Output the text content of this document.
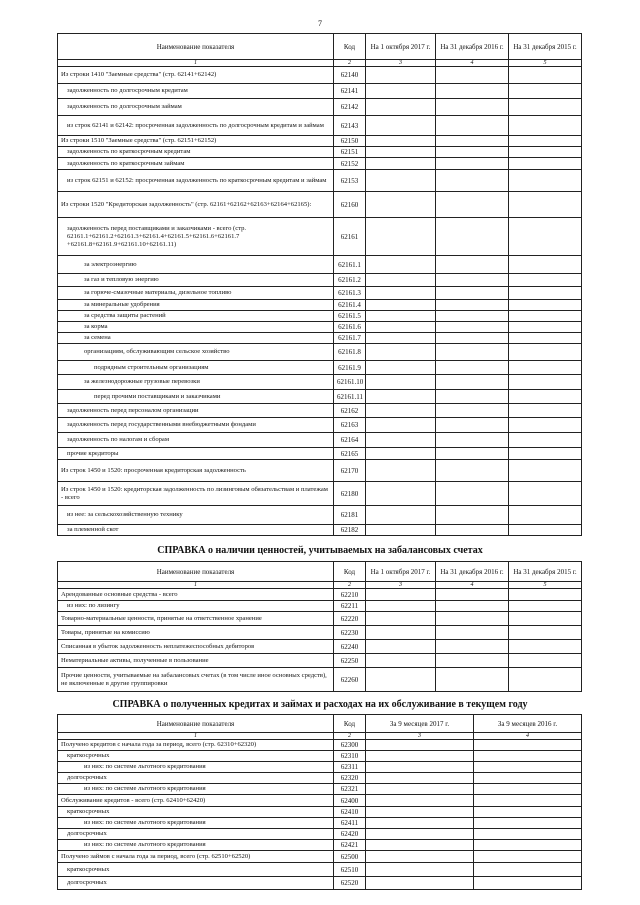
7
Наименование показателя	Код	На 1 октября 2017 г.	На 31 декабря 2016 г.	На 31 декабря 2015 г.
1	2	3	4	5
Из строки 1410 "Заемные средства" (стр. 62141+62142)	62140			
задолженность по долгосрочным кредитам	62141			
задолженность по долгосрочным займам	62142			
из строк 62141 и 62142: просроченная задолженность по долгосрочным кредитам и займам	62143			
Из строки 1510 "Заемные средства" (стр. 62151+62152)	62150			
задолженность по краткосрочным кредитам	62151			
задолженность по краткосрочным займам	62152			
из строк 62151 и 62152: просроченная задолженность по краткосрочным кредитам и займам	62153			
Из строки 1520 "Кредиторская задолженность" (стр. 62161+62162+62163+62164+62165):	62160			
задолженность перед поставщиками и заказчиками - всего (стр. 62161.1+62161.2+62161.3+62161.4+62161.5+62161.6+62161.7 +62161.8+62161.9+62161.10+62161.11)	62161			
за электроэнергию	62161.1			
за газ и тепловую энергию	62161.2			
за горюче-смазочные материалы, дизельное топливо	62161.3			
за минеральные удобрения	62161.4			
за средства защиты растений	62161.5			
за корма	62161.6			
за семена	62161.7			
организациям, обслуживающим сельское хозяйство	62161.8			
подрядным строительным организациям	62161.9			
за железнодорожные грузовые перевозки	62161.10			
перед прочими поставщиками и заказчиками	62161.11			
задолженность перед персоналом организации	62162			
задолженность перед государственными внебюджетными фондами	62163			
задолженность по налогам и сборам	62164			
прочие кредиторы	62165			
Из строк 1450 и 1520: просроченная кредиторская задолженность	62170			
Из строк 1450 и 1520: кредиторская задолженность по лизинговым обязательствам и платежам - всего	62180			
из нее: за сельскохозяйственную технику	62181			
за племенной скот	62182			
СПРАВКА о наличии ценностей, учитываемых на забалансовых счетах
Наименование показателя	Код	На 1 октября 2017 г.	На 31 декабря 2016 г.	На 31 декабря 2015 г.
1	2	3	4	5
Арендованные основные средства - всего	62210			
из них: по лизингу	62211			
Товарно-материальные ценности, принятые на ответственное хранение	62220			
Товары, принятые на комиссию	62230			
Списанная в убыток задолженность неплатежеспособных дебиторов	62240			
Нематериальные активы, полученные в пользование	62250			
Прочие ценности, учитываемые на забалансовых счетах (в том числе иное основных средств), не включенные в другие группировки	62260			
СПРАВКА о полученных кредитах и займах и расходах на их обслуживание в текущем году
Наименование показателя	Код	За 9 месяцев 2017 г.	За 9 месяцев 2016 г.
1	2	3	4
Получено кредитов с начала года за период, всего (стр. 62310+62320)	62300		
краткосрочных	62310		
из них: по системе льготного кредитования	62311		
долгосрочных	62320		
из них: по системе льготного кредитования	62321		
Обслуживание кредитов - всего (стр. 62410+62420)	62400		
краткосрочных	62410		
из них: по системе льготного кредитования	62411		
долгосрочных	62420		
из них: по системе льготного кредитования	62421		
Получено займов с начала года за период, всего (стр. 62510+62520)	62500		
краткосрочных	62510		
долгосрочных	62520		
